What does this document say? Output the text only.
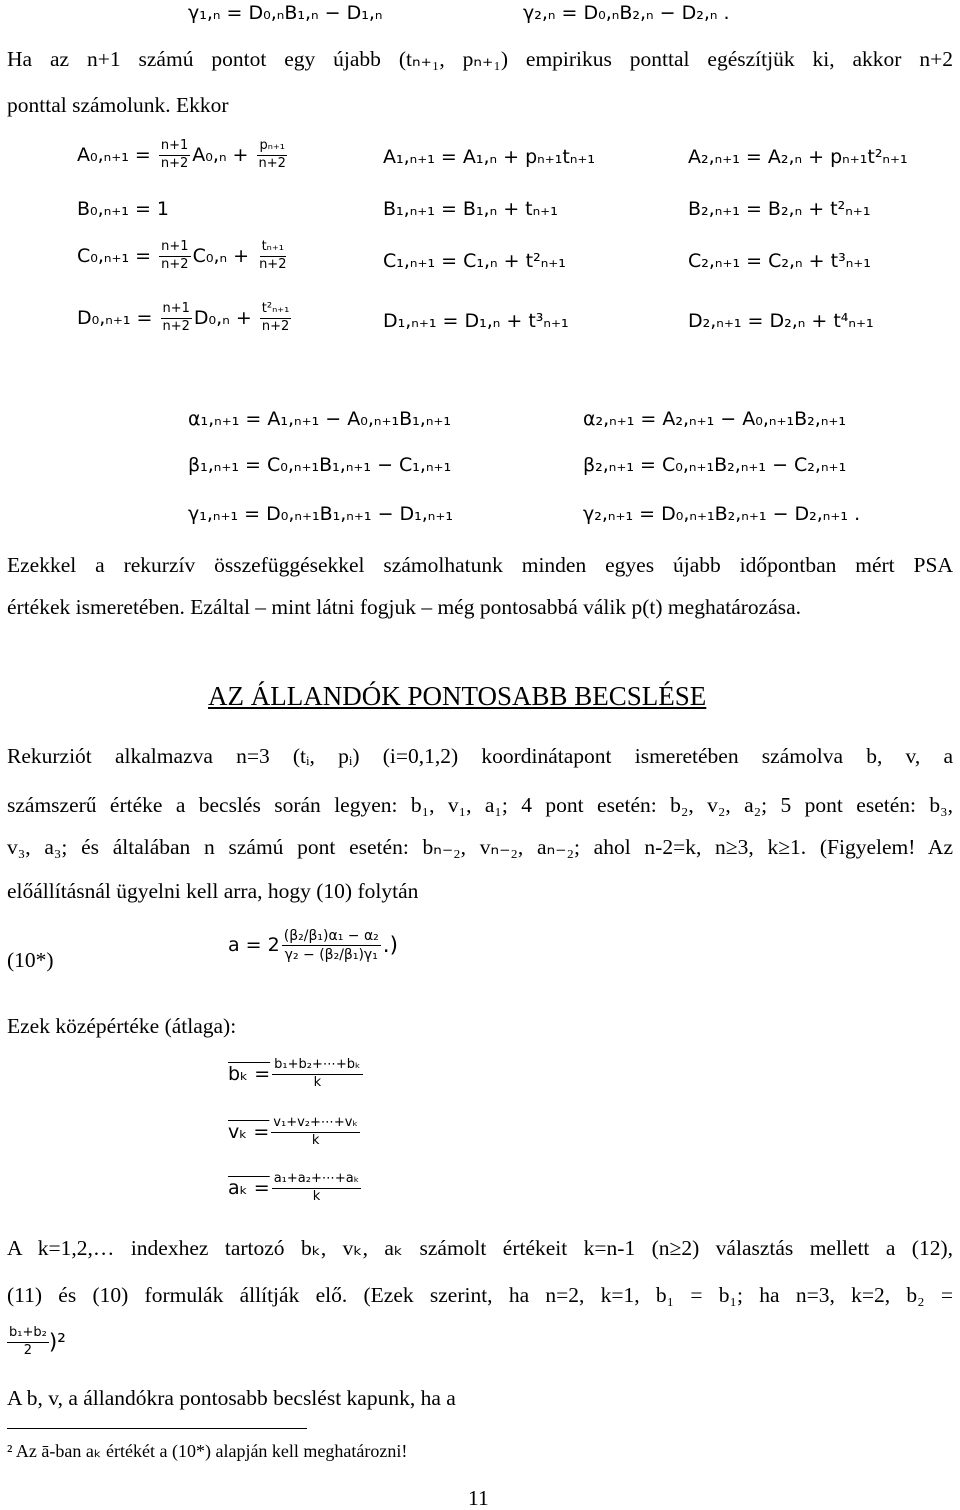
γ₁,ₙ = D₀,ₙB₁,ₙ − D₁,ₙ	γ₂,ₙ = D₀,ₙB₂,ₙ − D₂,ₙ .
Ha az n+1 számú pontot egy újabb (tₙ₊₁, pₙ₊₁) empirikus ponttal egészítjük ki, akkor n+2
ponttal számolunk. Ekkor
$A_0,_{n+1} = \frac{n+1}{n+2} A_0,_n + \frac{\text{pₙ₊₁}}{n+2}$	A₁,ₙ₊₁ = A₁,ₙ + pₙ₊₁tₙ₊₁	A₂,ₙ₊₁ = A₂,ₙ + pₙ₊₁t²ₙ₊₁
B₀,ₙ₊₁ = 1	B₁,ₙ₊₁ = B₁,ₙ + tₙ₊₁	B₂,ₙ₊₁ = B₂,ₙ + t²ₙ₊₁
$C_0,_{n+1} = \frac{n+1}{n+2} C_0,_n + \frac{\text{tₙ₊₁}}{n+2}$	C₁,ₙ₊₁ = C₁,ₙ + t²ₙ₊₁	C₂,ₙ₊₁ = C₂,ₙ + t³ₙ₊₁
$D_0,_{n+1} = \frac{n+1}{n+2} D_0,_n + \frac{\text{t²ₙ₊₁}}{n+2}$	D₁,ₙ₊₁ = D₁,ₙ + t³ₙ₊₁	D₂,ₙ₊₁ = D₂,ₙ + t⁴ₙ₊₁
α₁,ₙ₊₁ = A₁,ₙ₊₁ − A₀,ₙ₊₁B₁,ₙ₊₁	α₂,ₙ₊₁ = A₂,ₙ₊₁ − A₀,ₙ₊₁B₂,ₙ₊₁
β₁,ₙ₊₁ = C₀,ₙ₊₁B₁,ₙ₊₁ − C₁,ₙ₊₁	β₂,ₙ₊₁ = C₀,ₙ₊₁B₂,ₙ₊₁ − C₂,ₙ₊₁
γ₁,ₙ₊₁ = D₀,ₙ₊₁B₁,ₙ₊₁ − D₁,ₙ₊₁	γ₂,ₙ₊₁ = D₀,ₙ₊₁B₂,ₙ₊₁ − D₂,ₙ₊₁ .
Ezekkel a rekurzív összefüggésekkel számolhatunk minden egyes újabb időpontban mért PSA
értékek ismeretében. Ezáltal – mint látni fogjuk – még pontosabbá válik p(t) meghatározása.
AZ ÁLLANDÓK PONTOSABB BECSLÉSE
Rekurziót alkalmazva n=3 (tᵢ, pᵢ) (i=0,1,2) koordinátapont ismeretében számolva b, v, a
számszerű értéke a becslés során legyen: b₁, v₁, a₁; 4 pont esetén: b₂, v₂, a₂; 5 pont esetén: b₃,
v₃, a₃; és általában n számú pont esetén: bₙ₋₂, vₙ₋₂, aₙ₋₂; ahol n-2=k, n≥3, k≥1. (Figyelem! Az
előállításnál ügyelni kell arra, hogy (10) folytán
(10*)
a = 2 (β₂/β₁)α₁ − α₂
γ₂ − (β₂/β₁)γ₁ .)
Ezek középértéke (átlaga):
$b_k = \frac{\text{b₁+b₂+⋯+bₖ}}{k}$
$v_k = \frac{\text{v₁+v₂+⋯+vₖ}}{k}$
$a_k = \frac{\text{a₁+a₂+⋯+aₖ}}{k}$
A k=1,2,… indexhez tartozó bₖ, vₖ, aₖ számolt értékeit k=n-1 (n≥2) választás mellett a (12),
(11) és (10) formulák állítják elő. (Ezek szerint, ha n=2, k=1, b₁ = b₁; ha n=3, k=2, b₂ =
b₁+b₂
2 )²
A b, v, a állandókra pontosabb becslést kapunk, ha a
² Az ā-ban aₖ értékét a (10*) alapján kell meghatározni!
11
